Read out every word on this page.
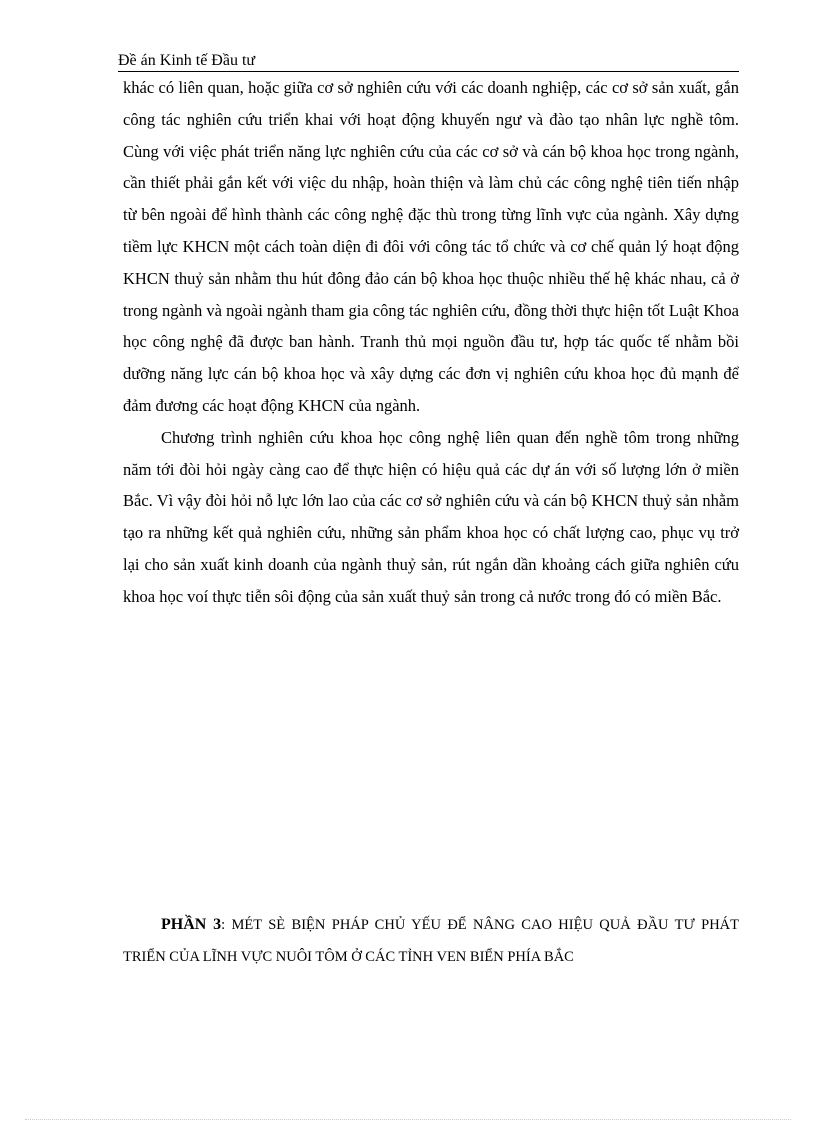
Đề án Kinh tế Đầu tư

khác có liên quan, hoặc giữa cơ sở nghiên cứu với các doanh nghiệp, các cơ sở sản xuất, gắn công tác nghiên cứu triển khai với hoạt động khuyến ngư và đào tạo nhân lực nghề tôm. Cùng với việc phát triển năng lực nghiên cứu của các cơ sở và cán bộ khoa học trong ngành, cần thiết phải gắn kết với việc du nhập, hoàn thiện và làm chủ các công nghệ tiên tiến nhập từ bên ngoài để hình thành các công nghệ đặc thù trong từng lĩnh vực của ngành. Xây dựng tiềm lực KHCN một cách toàn diện đi đôi với công tác tổ chức và cơ chế quản lý hoạt động KHCN thuỷ sản nhằm thu hút đông đảo cán bộ khoa học thuộc nhiều thế hệ khác nhau, cả ở trong ngành và ngoài ngành tham gia công tác nghiên cứu, đồng thời thực hiện tốt Luật Khoa học công nghệ đã được ban hành. Tranh thủ mọi nguồn đầu tư, hợp tác quốc tế nhằm bồi dưỡng năng lực cán bộ khoa học và xây dựng các đơn vị nghiên cứu khoa học đủ mạnh để đảm đương các hoạt động KHCN của ngành.

Chương trình nghiên cứu khoa học công nghệ liên quan đến nghề tôm trong những năm tới đòi hỏi ngày càng cao để thực hiện có hiệu quả các dự án với số lượng lớn ở miền Bắc. Vì vậy đòi hỏi nỗ lực lớn lao của các cơ sở nghiên cứu và cán bộ KHCN thuỷ sản nhằm tạo ra những kết quả nghiên cứu, những sản phẩm khoa học có chất lượng cao, phục vụ trở lại cho sản xuất kinh doanh của ngành thuỷ sản, rút ngắn dần khoảng cách giữa nghiên cứu khoa học voí thực tiễn sôi động của sản xuất thuỷ sản trong cả nước trong đó có miền Bắc.

PHẦN 3: MÉT SÈ BIỆN PHÁP CHỦ YẾU ĐỂ NÂNG CAO HIỆU QUẢ ĐẦU TƯ PHÁT TRIỂN CỦA LĨNH VỰC NUÔI TÔM Ở CÁC TỈNH VEN BIỂN PHÍA BẮC
